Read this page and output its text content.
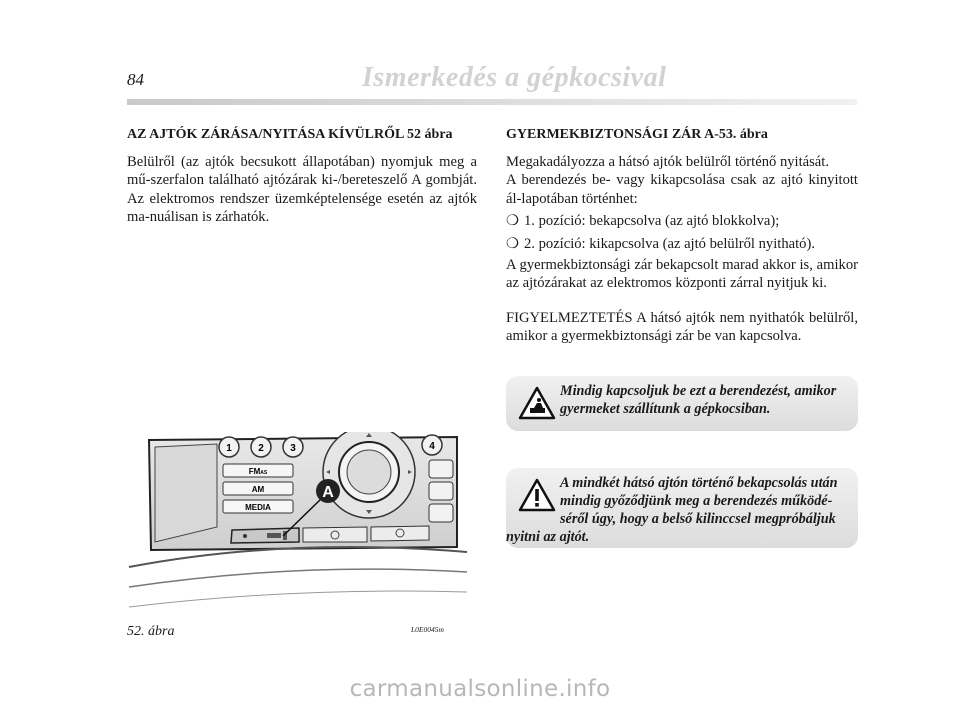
84	Ismerkedés a gépkocsival

AZ AJTÓK ZÁRÁSA/NYITÁSA KÍVÜLRŐL 52 ábra

Belülről (az ajtók becsukott állapotában) nyomjuk meg a mű-szerfalon található ajtózárak ki-/bereteszelő A gombját. Az elektromos rendszer üzemképtelensége esetén az ajtók ma-nuálisan is zárhatók.

GYERMEKBIZTONSÁGI ZÁR A-53. ábra

Megakadályozza a hátsó ajtók belülről történő nyitását.

A berendezés be- vagy kikapcsolása csak az ajtó kinyitott ál-lapotában történhet:

❍ 1. pozíció: bekapcsolva (az ajtó blokkolva);
❍ 2. pozíció: kikapcsolva (az ajtó belülről nyitható).

A gyermekbiztonsági zár bekapcsolt marad akkor is, amikor az ajtózárakat az elektromos központi zárral nyitjuk ki.

FIGYELMEZTETÉS A hátsó ajtók nem nyithatók belülről, amikor a gyermekbiztonsági zár be van kapcsolva.

Mindig kapcsoljuk be ezt a berendezést, amikor gyermeket szállítunk a gépkocsiban.
A mindkét hátsó ajtón történő bekapcsolás után mindig győződjünk meg a berendezés működé-séről úgy, hogy a belső kilinccsel megpróbáljuk nyitni az ajtót.
1	2	3	4
FMAS
AM
MEDIA
A
52. ábra	L0E0045m
carmanualsonline.info
